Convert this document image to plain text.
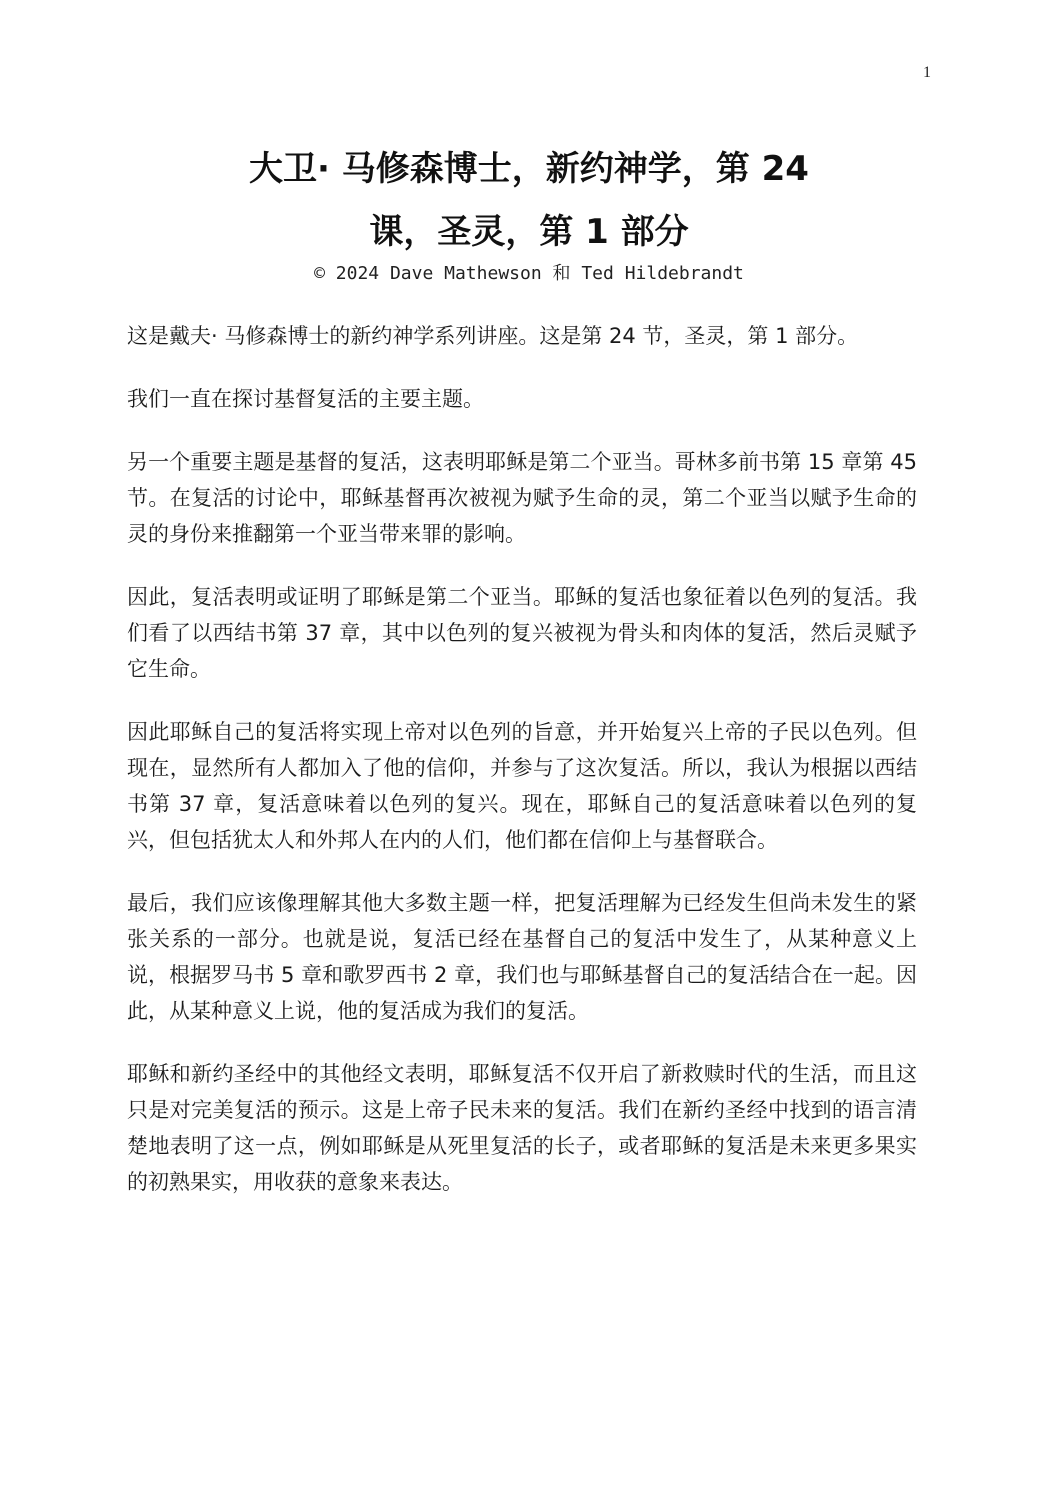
1
大卫· 马修森博士，新约神学，第 24
课，圣灵，第 1 部分
© 2024 Dave Mathewson 和 Ted Hildebrandt

这是戴夫· 马修森博士的新约神学系列讲座。这是第 24 节，圣灵，第 1 部分。

我们一直在探讨基督复活的主要主题。

另一个重要主题是基督的复活，这表明耶稣是第二个亚当。哥林多前书第 15 章第 45 节。在复活的讨论中，耶稣基督再次被视为赋予生命的灵，第二个亚当以赋予生命的灵的身份来推翻第一个亚当带来罪的影响。

因此，复活表明或证明了耶稣是第二个亚当。耶稣的复活也象征着以色列的复活。我们看了以西结书第 37 章，其中以色列的复兴被视为骨头和肉体的复活，然后灵赋予它生命。

因此耶稣自己的复活将实现上帝对以色列的旨意，并开始复兴上帝的子民以色列。但现在，显然所有人都加入了他的信仰，并参与了这次复活。所以，我认为根据以西结书第 37 章，复活意味着以色列的复兴。现在，耶稣自己的复活意味着以色列的复兴，但包括犹太人和外邦人在内的人们，他们都在信仰上与基督联合。

最后，我们应该像理解其他大多数主题一样，把复活理解为已经发生但尚未发生的紧张关系的一部分。也就是说，复活已经在基督自己的复活中发生了，从某种意义上说，根据罗马书 5 章和歌罗西书 2 章，我们也与耶稣基督自己的复活结合在一起。因此，从某种意义上说，他的复活成为我们的复活。

耶稣和新约圣经中的其他经文表明，耶稣复活不仅开启了新救赎时代的生活，而且这只是对完美复活的预示。这是上帝子民未来的复活。我们在新约圣经中找到的语言清楚地表明了这一点，例如耶稣是从死里复活的长子，或者耶稣的复活是未来更多果实的初熟果实，用收获的意象来表达。
